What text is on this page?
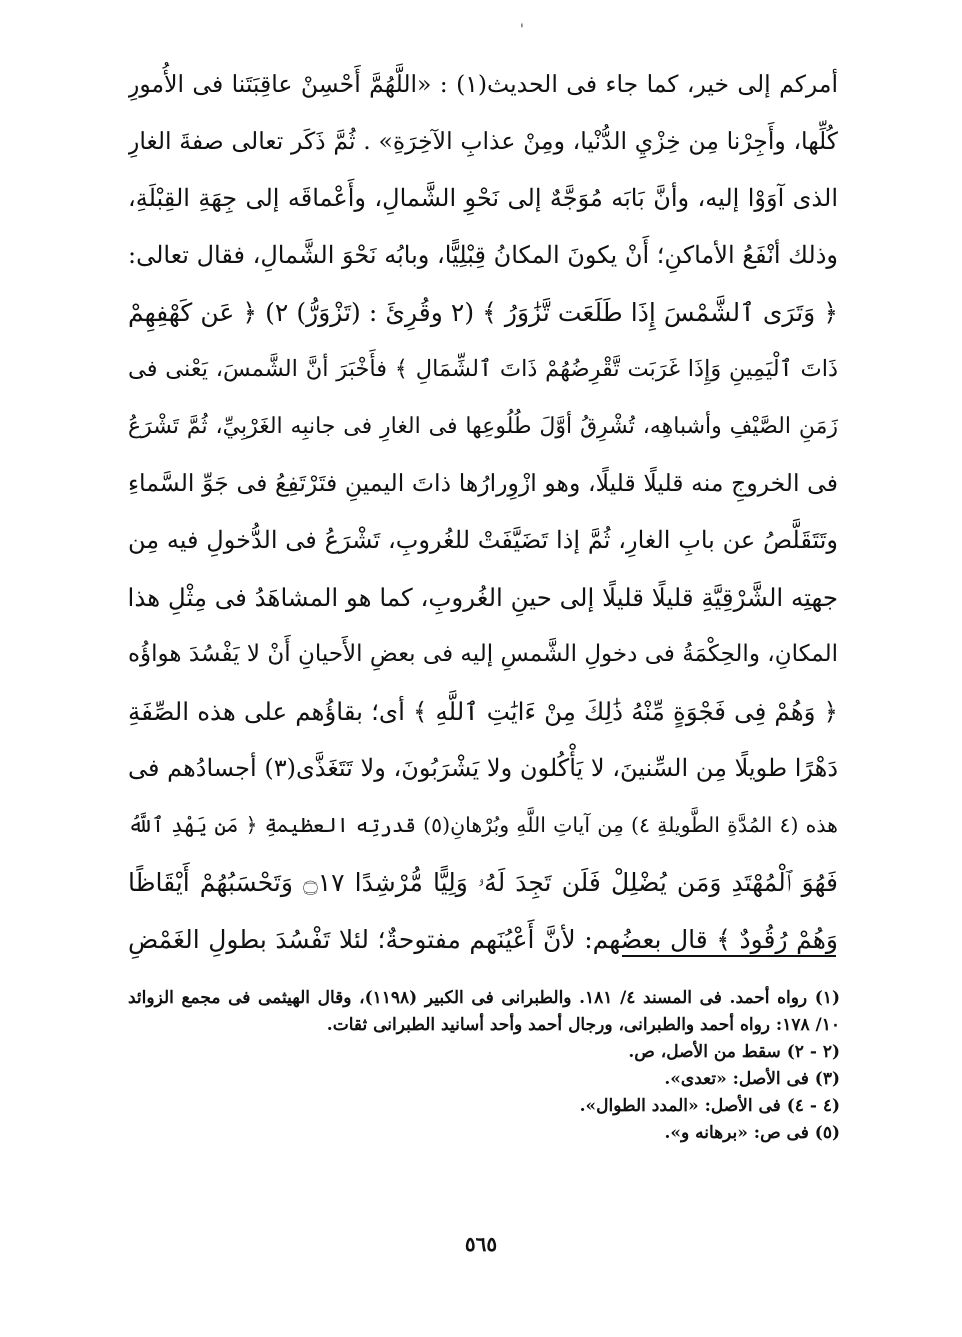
'
أمركم إلى خير، كما جاء فى الحديث(١) : «اللَّهُمَّ أَحْسِنْ عاقِبَتَنا فى الأُمورِ
كُلِّها، وأَجِرْنا مِن خِزْيِ الدُّنْيا، ومِنْ عذابِ الآخِرَةِ» . ثُمَّ ذَكَر تعالى صفةَ الغارِ
الذى آوَوْا إليه، وأنَّ بَابَه مُوَجَّهٌ إلى نَحْوِ الشَّمالِ، وأَعْماقَه إلى جِهَةِ القِبْلَةِ،
وذلك أنْفَعُ الأماكنِ؛ أَنْ يكونَ المكانُ قِبْلِيًّا، وبابُه نَحْوَ الشَّمالِ، فقال تعالى:
﴿ وَتَرَى ٱلشَّمْسَ إِذَا طَلَعَت تَّزَٰوَرُ ﴾ (٢ وقُرِئَ : (تَزْوَرُّ) ٢) ﴿ عَن كَهْفِهِمْ
ذَاتَ ٱلْيَمِينِ وَإِذَا غَرَبَت تَّقْرِضُهُمْ ذَاتَ ٱلشِّمَالِ ﴾ فأَخْبَرَ أنَّ الشَّمسَ، يَعْنى فى
زَمَنِ الصَّيْفِ وأشباهِه، تُشْرِقُ أوَّلَ طُلُوعِها فى الغارِ فى جانبِه الغَرْبِيِّ، ثُمَّ تَشْرَعُ
فى الخروجِ منه قليلًا قليلًا، وهو ازْوِرارُها ذاتَ اليمينِ فتَرْتَفِعُ فى جَوِّ السَّماءِ
وتَتَقَلَّصُ عن بابِ الغارِ، ثُمَّ إذا تَضَيَّفَتْ للغُروبِ، تَشْرَعُ فى الدُّخولِ فيه مِن
جهتِه الشَّرْقِيَّةِ قليلًا قليلًا إلى حينِ الغُروبِ، كما هو المشاهَدُ فى مِثْلِ هذا
المكانِ، والحِكْمَةُ فى دخولِ الشَّمسِ إليه فى بعضِ الأَحيانِ أَنْ لا يَفْسُدَ هواؤُه
﴿ وَهُمْ فِى فَجْوَةٍ مِّنْهُ ذَٰلِكَ مِنْ ءَايَٰتِ ٱللَّهِ ﴾ أى؛ بقاؤُهم على هذه الصِّفَةِ
دَهْرًا طويلًا مِن السِّنينَ، لا يَأْكُلون ولا يَشْرَبُونَ، ولا تَتَغَذَّى(٣) أجسادُهم فى
هذه (٤ المُدَّةِ الطَّويلةِ ٤) مِن آياتِ اللَّهِ وبُرْهانِ(٥) قدرتِه العظيمةِ ﴿ مَن يَهْدِ ٱللَّهُ
فَهُوَ ٱلْمُهْتَدِ وَمَن يُضْلِلْ فَلَن تَجِدَ لَهُۥ وَلِيًّا مُّرْشِدًا ۝١٧ وَتَحْسَبُهُمْ أَيْقَاظًا
وَهُمْ رُقُودٌ ﴾ قال بعضُهم: لأنَّ أَعْيُنَهم مفتوحةٌ؛ لئلا تَفْسُدَ بطولِ الغَمْضِ
(١) رواه أحمد. فى المسند ٤/ ١٨١. والطبرانى فى الكبير (١١٩٨)، وقال الهيثمى فى مجمع الزوائد
١٠/ ١٧٨: رواه أحمد والطبرانى، ورجال أحمد وأحد أسانيد الطبرانى ثقات.
(٢ - ٢) سقط من الأصل، ص.
(٣) فى الأصل: «تعدى».
(٤ - ٤) فى الأصل: «المدد الطوال».
(٥) فى ص: «برهانه و».
٥٦٥
